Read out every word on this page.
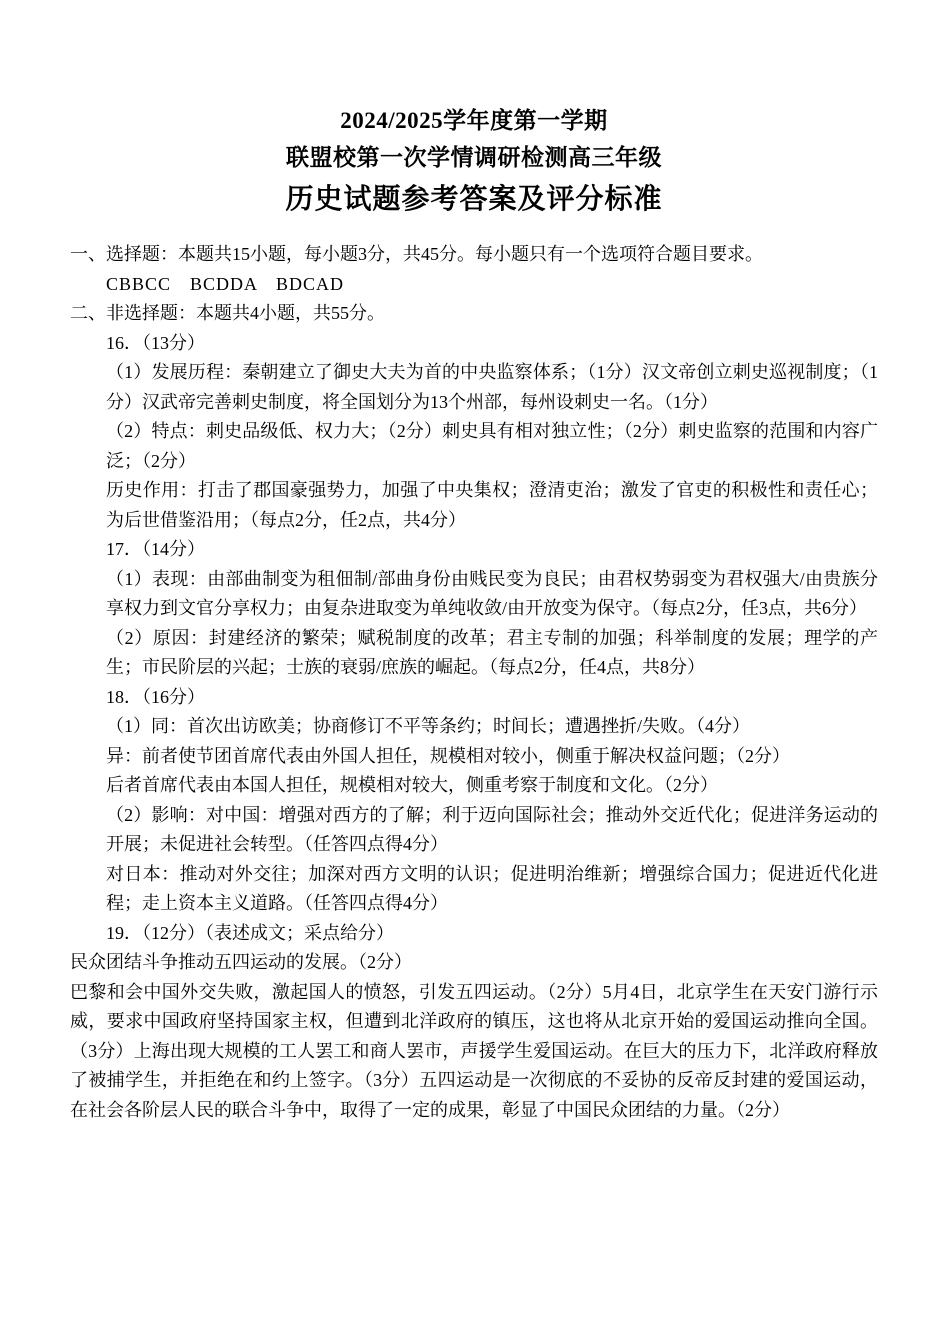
2024/2025学年度第一学期
联盟校第一次学情调研检测高三年级
历史试题参考答案及评分标准

一、选择题：本题共15小题，每小题3分，共45分。每小题只有一个选项符合题目要求。

CBBCC　BCDDA　BDCAD

二、非选择题：本题共4小题，共55分。

16．（13分）

（1）发展历程：秦朝建立了御史大夫为首的中央监察体系；（1分）汉文帝创立刺史巡视制度；（1分）汉武帝完善刺史制度，将全国划分为13个州部，每州设刺史一名。（1分）

（2）特点：刺史品级低、权力大；（2分）刺史具有相对独立性；（2分）刺史监察的范围和内容广泛；（2分）

历史作用：打击了郡国豪强势力，加强了中央集权；澄清吏治；激发了官吏的积极性和责任心；为后世借鉴沿用；（每点2分，任2点，共4分）

17．（14分）

（1）表现：由部曲制变为租佃制/部曲身份由贱民变为良民；由君权势弱变为君权强大/由贵族分享权力到文官分享权力；由复杂进取变为单纯收敛/由开放变为保守。（每点2分，任3点，共6分）

（2）原因：封建经济的繁荣；赋税制度的改革；君主专制的加强；科举制度的发展；理学的产生；市民阶层的兴起；士族的衰弱/庶族的崛起。（每点2分，任4点，共8分）

18．（16分）

（1）同：首次出访欧美；协商修订不平等条约；时间长；遭遇挫折/失败。（4分）

异：前者使节团首席代表由外国人担任，规模相对较小，侧重于解决权益问题；（2分）

后者首席代表由本国人担任，规模相对较大，侧重考察于制度和文化。（2分）

（2）影响：对中国：增强对西方的了解；利于迈向国际社会；推动外交近代化；促进洋务运动的开展；未促进社会转型。（任答四点得4分）

对日本：推动对外交往；加深对西方文明的认识；促进明治维新；增强综合国力；促进近代化进程；走上资本主义道路。（任答四点得4分）

19．（12分）（表述成文；采点给分）

民众团结斗争推动五四运动的发展。（2分）

巴黎和会中国外交失败，激起国人的愤怒，引发五四运动。（2分）5月4日，北京学生在天安门游行示威，要求中国政府坚持国家主权，但遭到北洋政府的镇压，这也将从北京开始的爱国运动推向全国。（3分）上海出现大规模的工人罢工和商人罢市，声援学生爱国运动。在巨大的压力下，北洋政府释放了被捕学生，并拒绝在和约上签字。（3分）五四运动是一次彻底的不妥协的反帝反封建的爱国运动，在社会各阶层人民的联合斗争中，取得了一定的成果，彰显了中国民众团结的力量。（2分）
